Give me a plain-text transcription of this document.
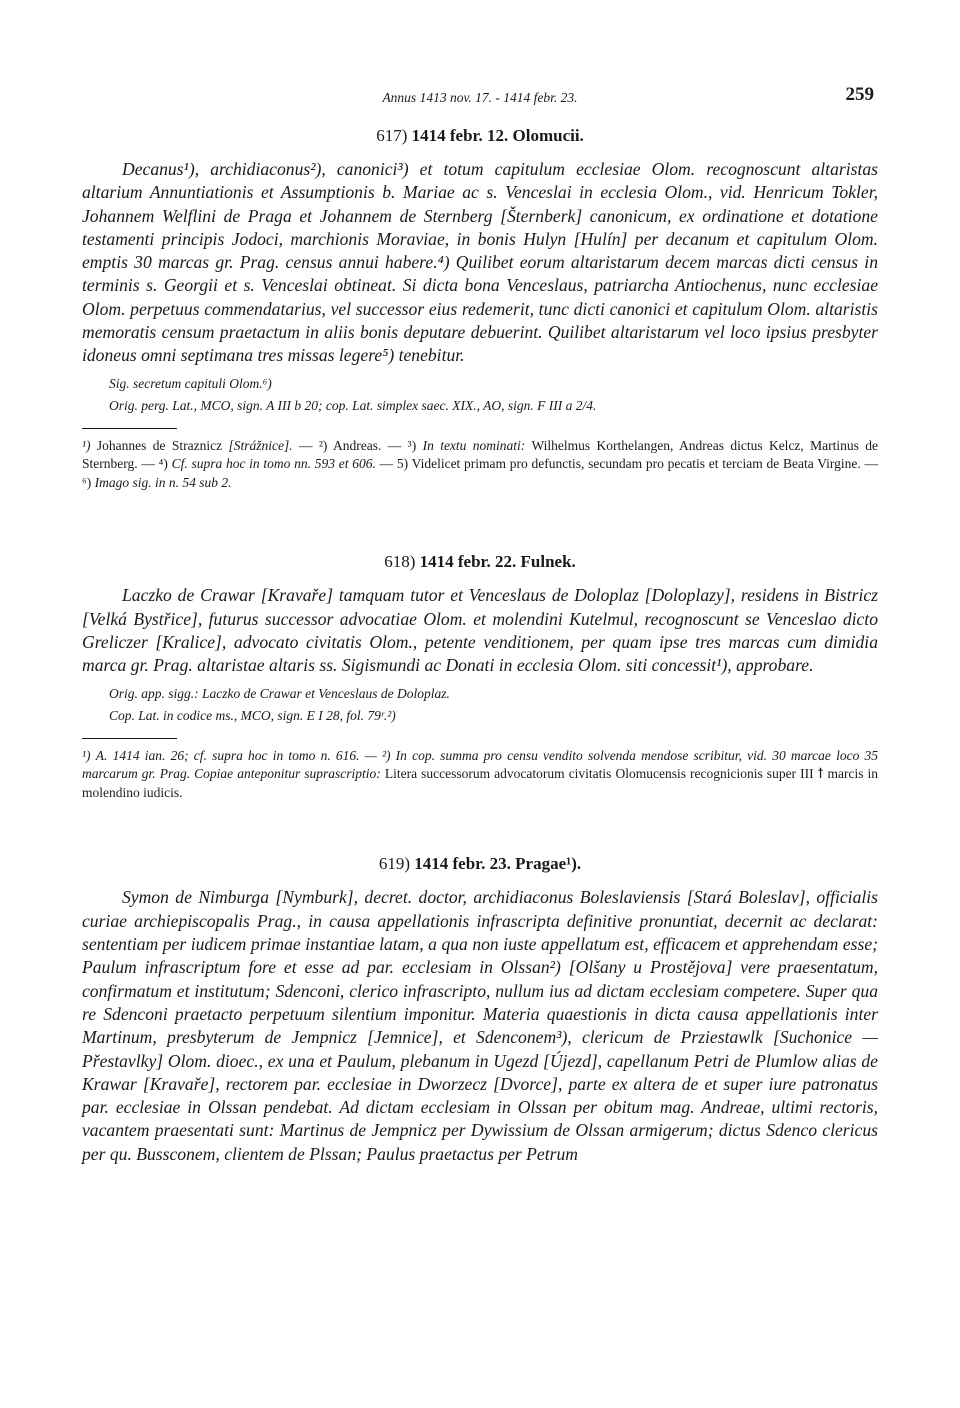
Annus 1413 nov. 17. - 1414 febr. 23.	259
617) 1414 febr. 12. Olomucii.

Decanus¹), archidiaconus²), canonici³) et totum capitulum ecclesiae Olom. recognoscunt altaristas altarium Annuntiationis et Assumptionis b. Mariae ac s. Venceslai in ecclesia Olom., vid. Henricum Tokler, Johannem Welflini de Praga et Johannem de Sternberg [Šternberk] canonicum, ex ordinatione et dotatione testamenti principis Jodoci, marchionis Moraviae, in bonis Hulyn [Hulín] per decanum et capitulum Olom. emptis 30 marcas gr. Prag. census annui habere.⁴) Quilibet eorum altaristarum decem marcas dicti census in terminis s. Georgii et s. Venceslai obtineat. Si dicta bona Venceslaus, patriarcha Antiochenus, nunc ecclesiae Olom. perpetuus commendatarius, vel successor eius redemerit, tunc dicti canonici et capitulum Olom. altaristis memoratis censum praetactum in aliis bonis deputare debuerint. Quilibet altaristarum vel loco ipsius presbyter idoneus omni septimana tres missas legere⁵) tenebitur.

Sig. secretum capituli Olom.⁶)
Orig. perg. Lat., MCO, sign. A III b 20; cop. Lat. simplex saec. XIX., AO, sign. F III a 2/4.

¹) Johannes de Straznicz [Strážnice]. — ²) Andreas. — ³) In textu nominati: Wilhelmus Korthelangen, Andreas dictus Kelcz, Martinus de Sternberg. — ⁴) Cf. supra hoc in tomo nn. 593 et 606. — 5) Videlicet primam pro defunctis, secundam pro pecatis et terciam de Beata Virgine. — ⁶) Imago sig. in n. 54 sub 2.

618) 1414 febr. 22. Fulnek.

Laczko de Crawar [Kravaře] tamquam tutor et Venceslaus de Doloplaz [Doloplazy], residens in Bistricz [Velká Bystřice], futurus successor advocatiae Olom. et molendini Kutelmul, recognoscunt se Venceslao dicto Greliczer [Kralice], advocato civitatis Olom., petente venditionem, per quam ipse tres marcas cum dimidia marca gr. Prag. altaristae altaris ss. Sigismundi ac Donati in ecclesia Olom. siti concessit¹), approbare.

Orig. app. sigg.: Laczko de Crawar et Venceslaus de Doloplaz.
Cop. Lat. in codice ms., MCO, sign. E I 28, fol. 79ʳ.²)

¹) A. 1414 ian. 26; cf. supra hoc in tomo n. 616. — ²) In cop. summa pro censu vendito solvenda mendose scribitur, vid. 30 marcae loco 35 marcarum gr. Prag. Copiae anteponitur suprascriptio: Litera successorum advocatorum civitatis Olomucensis recognicionis super III ꝉ marcis in molendino iudicis.

619) 1414 febr. 23. Pragae¹).

Symon de Nimburga [Nymburk], decret. doctor, archidiaconus Boleslaviensis [Stará Boleslav], officialis curiae archiepiscopalis Prag., in causa appellationis infrascripta definitive pronuntiat, decernit ac declarat: sententiam per iudicem primae instantiae latam, a qua non iuste appellatum est, efficacem et apprehendam esse; Paulum infrascriptum fore et esse ad par. ecclesiam in Olssan²) [Olšany u Prostějova] vere praesentatum, confirmatum et institutum; Sdenconi, clerico infrascripto, nullum ius ad dictam ecclesiam competere. Super qua re Sdenconi praetacto perpetuum silentium imponitur. Materia quaestionis in dicta causa appellationis inter Martinum, presbyterum de Jempnicz [Jemnice], et Sdenconem³), clericum de Prziestawlk [Suchonice — Přestavlky] Olom. dioec., ex una et Paulum, plebanum in Ugezd [Újezd], capellanum Petri de Plumlow alias de Krawar [Kravaře], rectorem par. ecclesiae in Dworzecz [Dvorce], parte ex altera de et super iure patronatus par. ecclesiae in Olssan pendebat. Ad dictam ecclesiam in Olssan per obitum mag. Andreae, ultimi rectoris, vacantem praesentati sunt: Martinus de Jempnicz per Dywissium de Olssan armigerum; dictus Sdenco clericus per qu. Bussconem, clientem de Plssan; Paulus praetactus per Petrum
